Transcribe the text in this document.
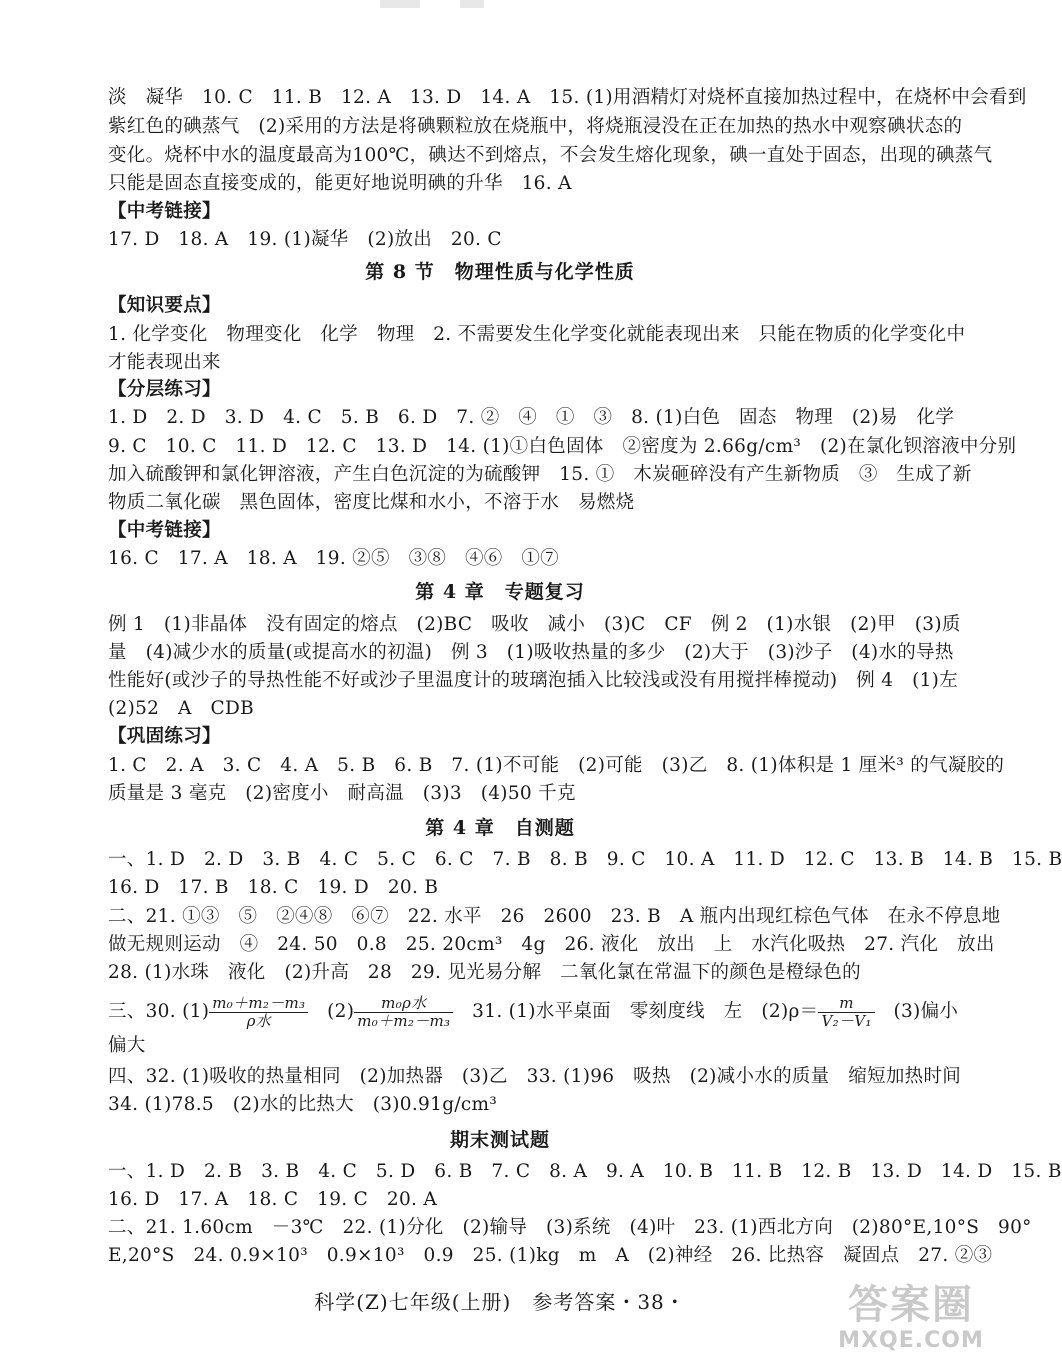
淡　凝华　10. C　11. B　12. A　13. D　14. A　15. (1)用酒精灯对烧杯直接加热过程中，在烧杯中会看到
紫红色的碘蒸气　(2)采用的方法是将碘颗粒放在烧瓶中，将烧瓶浸没在正在加热的热水中观察碘状态的
变化。烧杯中水的温度最高为100℃，碘达不到熔点，不会发生熔化现象，碘一直处于固态，出现的碘蒸气
只能是固态直接变成的，能更好地说明碘的升华　16. A
【中考链接】
17. D　18. A　19. (1)凝华　(2)放出　20. C
第 8 节　物理性质与化学性质
【知识要点】
1. 化学变化　物理变化　化学　物理　2. 不需要发生化学变化就能表现出来　只能在物质的化学变化中
才能表现出来
【分层练习】
1. D　2. D　3. D　4. C　5. B　6. D　7. ②　④　①　③　8. (1)白色　固态　物理　(2)易　化学
9. C　10. C　11. D　12. C　13. D　14. (1)①白色固体　②密度为 2.66g/cm³　(2)在氯化钡溶液中分别
加入硫酸钾和氯化钾溶液，产生白色沉淀的为硫酸钾　15. ①　木炭砸碎没有产生新物质　③　生成了新
物质二氧化碳　黑色固体，密度比煤和水小，不溶于水　易燃烧
【中考链接】
16. C　17. A　18. A　19. ②⑤　③⑧　④⑥　①⑦
第 4 章　专题复习
例 1　(1)非晶体　没有固定的熔点　(2)BC　吸收　减小　(3)C　CF　例 2　(1)水银　(2)甲　(3)质
量　(4)减少水的质量(或提高水的初温)　例 3　(1)吸收热量的多少　(2)大于　(3)沙子　(4)水的导热
性能好(或沙子的导热性能不好或沙子里温度计的玻璃泡插入比较浅或没有用搅拌棒搅动)　例 4　(1)左
(2)52　A　CDB
【巩固练习】
1. C　2. A　3. C　4. A　5. B　6. B　7. (1)不可能　(2)可能　(3)乙　8. (1)体积是 1 厘米³ 的气凝胶的
质量是 3 毫克　(2)密度小　耐高温　(3)3　(4)50 千克
第 4 章　自测题
一、1. D　2. D　3. B　4. C　5. C　6. C　7. B　8. B　9. C　10. A　11. D　12. C　13. B　14. B　15. B
16. D　17. B　18. C　19. D　20. B
二、21. ①③　⑤　②④⑧　⑥⑦　22. 水平　26　2600　23. B　A 瓶内出现红棕色气体　在永不停息地
做无规则运动　④　24. 50　0.8　25. 20cm³　4g　26. 液化　放出　上　水汽化吸热　27. 汽化　放出
28. (1)水珠　液化　(2)升高　28　29. 见光易分解　二氧化氯在常温下的颜色是橙绿色的
三、30. $(1) \frac{\text{m₀＋m₂－m₃}}{\text{ρ水}}$ 　$(2) \frac{\text{m₀ρ水}}{\text{m₀＋m₂－m₃}}$ 　31. (1)水平桌面　零刻度线　左　$(2)\rho= \frac{m}{\text{V₂－V₁}}$ 　(3)偏小
偏大
四、32. (1)吸收的热量相同　(2)加热器　(3)乙　33. (1)96　吸热　(2)减小水的质量　缩短加热时间
34. (1)78.5　(2)水的比热大　(3)0.91g/cm³
期末测试题
一、1. D　2. B　3. B　4. C　5. D　6. B　7. C　8. A　9. A　10. B　11. B　12. B　13. D　14. D　15. B
16. D　17. A　18. C　19. C　20. A
二、21. 1.60cm　－3℃　22. (1)分化　(2)输导　(3)系统　(4)叶　23. (1)西北方向　(2)80°E,10°S　90°
E,20°S　24. 0.9×10³　0.9×10³　0.9　25. (1)kg　m　A　(2)神经　26. 比热容　凝固点　27. ②③
科学(Z)七年级(上册)　参考答案・38・	答案圈
MXQE.COM
